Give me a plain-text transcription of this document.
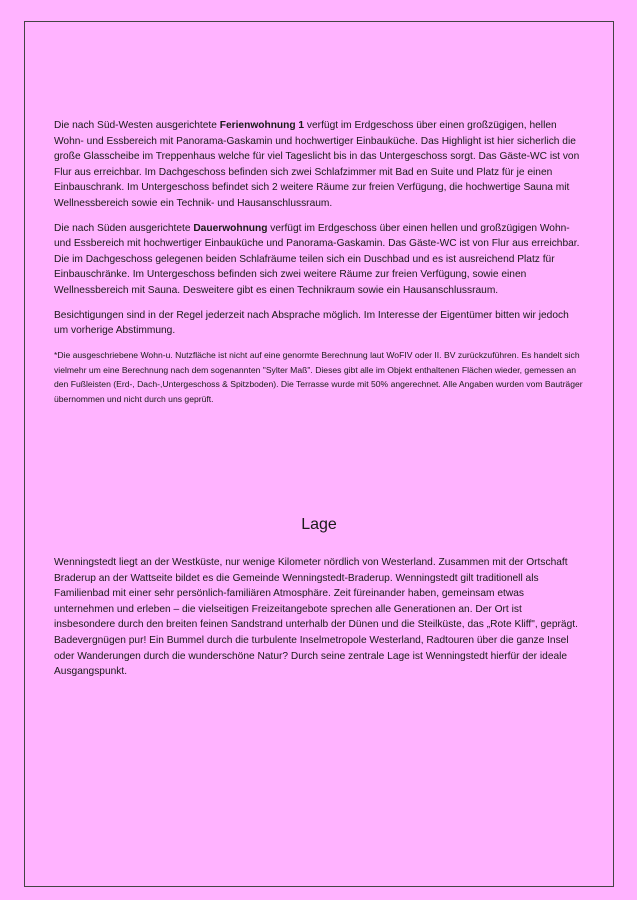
Die nach Süd-Westen ausgerichtete Ferienwohnung 1 verfügt im Erdgeschoss über einen großzügigen, hellen Wohn- und Essbereich mit Panorama-Gaskamin und hochwertiger Einbauküche. Das Highlight ist hier sicherlich die große Glasscheibe im Treppenhaus welche für viel Tageslicht bis in das Untergeschoss sorgt. Das Gäste-WC ist von Flur aus erreichbar. Im Dachgeschoss befinden sich zwei Schlafzimmer mit Bad en Suite und Platz für je einen Einbauschrank. Im Untergeschoss befindet sich 2 weitere Räume zur freien Verfügung, die hochwertige Sauna mit Wellnessbereich sowie ein Technik- und Hausanschlussraum.

Die nach Süden ausgerichtete Dauerwohnung verfügt im Erdgeschoss über einen hellen und großzügigen Wohn- und Essbereich mit hochwertiger Einbauküche und Panorama-Gaskamin. Das Gäste-WC ist von Flur aus erreichbar. Die im Dachgeschoss gelegenen beiden Schlafräume teilen sich ein Duschbad und es ist ausreichend Platz für Einbauschränke. Im Untergeschoss befinden sich zwei weitere Räume zur freien Verfügung, sowie einen Wellnessbereich mit Sauna. Desweitere gibt es einen Technikraum sowie ein Hausanschlussraum.

Besichtigungen sind in der Regel jederzeit nach Absprache möglich. Im Interesse der Eigentümer bitten wir jedoch um vorherige Abstimmung.

*Die ausgeschriebene Wohn-u. Nutzfläche ist nicht auf eine genormte Berechnung laut WoFIV oder II. BV zurückzuführen. Es handelt sich vielmehr um eine Berechnung nach dem sogenannten "Sylter Maß". Dieses gibt alle im Objekt enthaltenen Flächen wieder, gemessen an den Fußleisten (Erd-, Dach-,Untergeschoss & Spitzboden). Die Terrasse wurde mit 50% angerechnet. Alle Angaben wurden vom Bauträger übernommen und nicht durch uns geprüft.

Lage

Wenningstedt liegt an der Westküste, nur wenige Kilometer nördlich von Westerland. Zusammen mit der Ortschaft Braderup an der Wattseite bildet es die Gemeinde Wenningstedt-Braderup. Wenningstedt gilt traditionell als Familienbad mit einer sehr persönlich-familiären Atmosphäre. Zeit füreinander haben, gemeinsam etwas unternehmen und erleben – die vielseitigen Freizeitangebote sprechen alle Generationen an. Der Ort ist insbesondere durch den breiten feinen Sandstrand unterhalb der Dünen und die Steilküste, das „Rote Kliff", geprägt. Badevergnügen pur! Ein Bummel durch die turbulente Inselmetropole Westerland, Radtouren über die ganze Insel oder Wanderungen durch die wunderschöne Natur? Durch seine zentrale Lage ist Wenningstedt hierfür der ideale Ausgangspunkt.
